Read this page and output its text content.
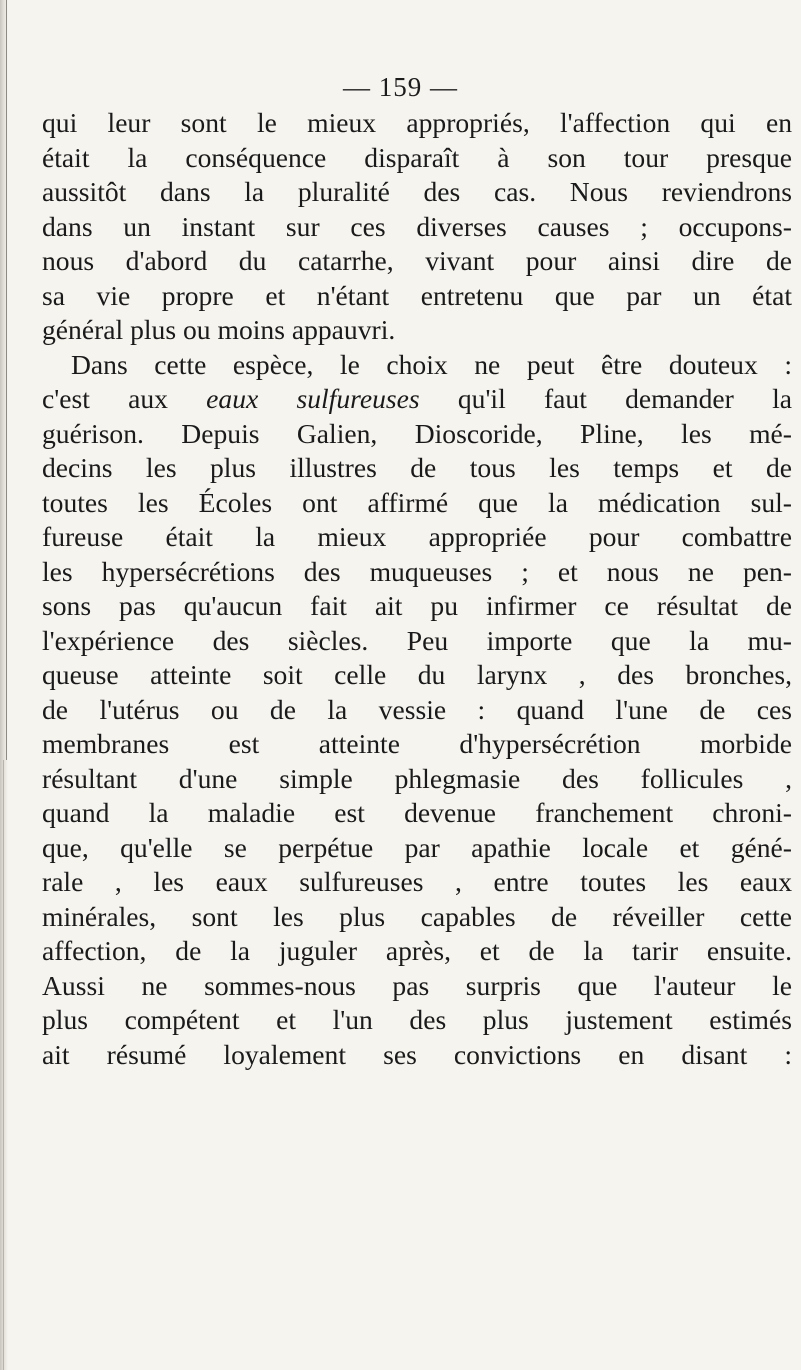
— 159 —
qui leur sont le mieux appropriés, l'affection qui en
était la conséquence disparaît à son tour presque
aussitôt dans la pluralité des cas. Nous reviendrons
dans un instant sur ces diverses causes ; occupons-
nous d'abord du catarrhe, vivant pour ainsi dire de
sa vie propre et n'étant entretenu que par un état
général plus ou moins appauvri.
Dans cette espèce, le choix ne peut être douteux :
c'est aux eaux sulfureuses qu'il faut demander la
guérison. Depuis Galien, Dioscoride, Pline, les mé-
decins les plus illustres de tous les temps et de
toutes les Écoles ont affirmé que la médication sul-
fureuse était la mieux appropriée pour combattre
les hypersécrétions des muqueuses ; et nous ne pen-
sons pas qu'aucun fait ait pu infirmer ce résultat de
l'expérience des siècles. Peu importe que la mu-
queuse atteinte soit celle du larynx , des bronches,
de l'utérus ou de la vessie : quand l'une de ces
membranes est atteinte d'hypersécrétion morbide
résultant d'une simple phlegmasie des follicules ,
quand la maladie est devenue franchement chroni-
que, qu'elle se perpétue par apathie locale et géné-
rale , les eaux sulfureuses , entre toutes les eaux
minérales, sont les plus capables de réveiller cette
affection, de la juguler après, et de la tarir ensuite.
Aussi ne sommes-nous pas surpris que l'auteur le
plus compétent et l'un des plus justement estimés
ait résumé loyalement ses convictions en disant :
